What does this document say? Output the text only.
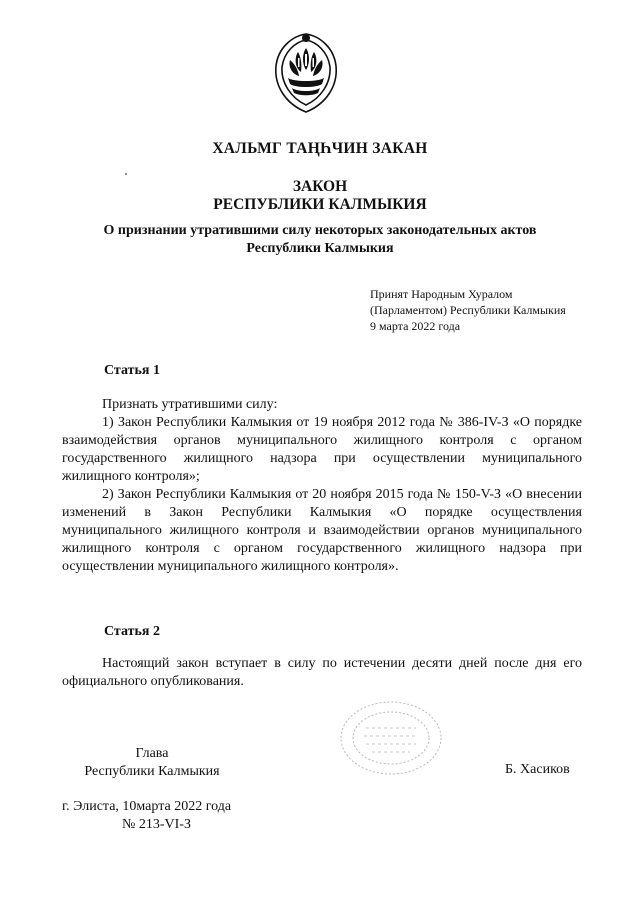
ХАЛЬМГ ТАҢҺЧИН ЗАКАН
ЗАКОН
РЕСПУБЛИКИ КАЛМЫКИЯ
О признании утратившими силу некоторых законодательных актов
Республики Калмыкия
Принят Народным Хуралом
(Парламентом) Республики Калмыкия
9 марта 2022 года
Статья 1

Признать утратившими силу:

1) Закон Республики Калмыкия от 19 ноября 2012 года № 386-IV-З «О порядке взаимодействия органов муниципального жилищного контроля с органом государственного жилищного надзора при осуществлении муниципального жилищного контроля»;

2) Закон Республики Калмыкия от 20 ноября 2015 года № 150-V-З «О внесении изменений в Закон Республики Калмыкия «О порядке осуществления муниципального жилищного контроля и взаимодействии органов муниципального жилищного контроля с органом государственного жилищного надзора при осуществлении муниципального жилищного контроля».

Статья 2

Настоящий закон вступает в силу по истечении десяти дней после дня его официального опубликования.

Глава
Республики Калмыкия	Б. Хасиков
г. Элиста, 10марта 2022 года
№ 213-VI-З
